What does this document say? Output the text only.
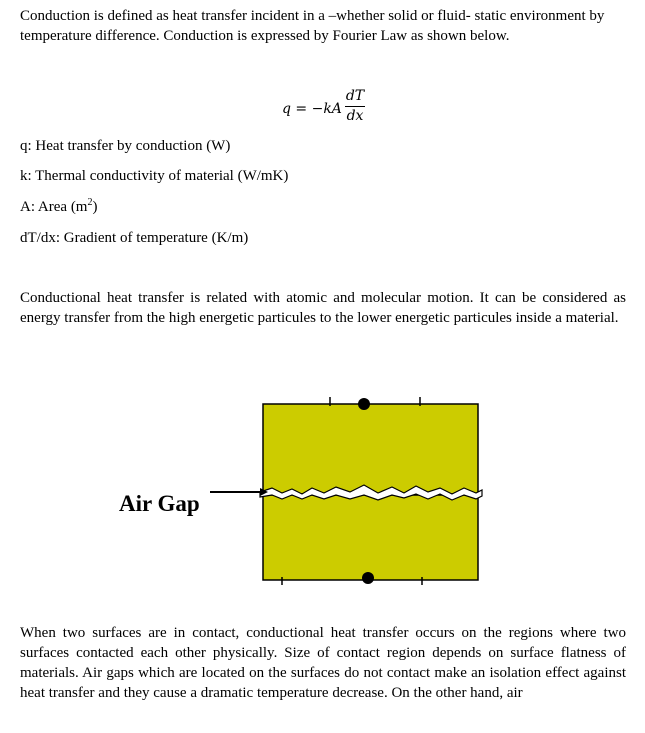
Conduction is defined as heat transfer incident in a –whether solid or fluid- static environment by temperature difference. Conduction is expressed by Fourier Law as shown below.

q = −kA
dT
dx

q: Heat transfer by conduction (W)

k: Thermal conductivity of material (W/mK)

A: Area $(m^2)$

dT/dx: Gradient of temperature (K/m)

Conductional heat transfer is related with atomic and molecular motion. It can be considered as energy transfer from the high energetic particules to the lower energetic particules inside a material.

Air Gap

When two surfaces are in contact, conductional heat transfer occurs on the regions where two surfaces contacted each other physically. Size of contact region depends on surface flatness of materials. Air gaps which are located on the surfaces do not contact make an isolation effect against heat transfer and they cause a dramatic temperature decrease. On the other hand, air
